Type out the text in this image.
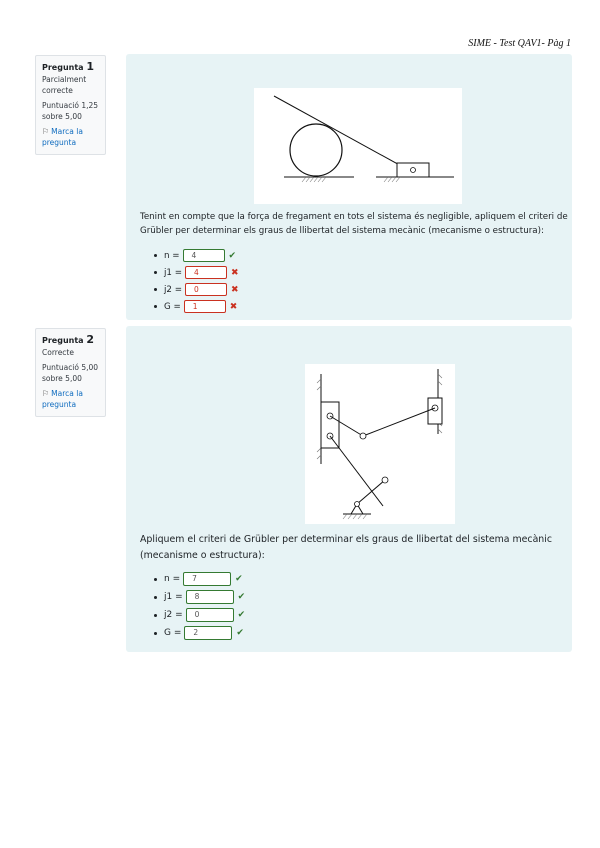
SIME - Test QAV1- Pàg 1
Pregunta 1
Parcialment correcte
Puntuació 1,25 sobre 5,00
⚐ Marca la pregunta
Tenint en compte que la força de fregament en tots el sistema és negligible, apliquem el criteri de Grübler per determinar els graus de llibertat del sistema mecànic (mecanisme o estructura):
n =	4	✔
j1 =	4	✖
j2 =	0	✖
G =	1	✖
Pregunta 2
Correcte
Puntuació 5,00 sobre 5,00
⚐ Marca la pregunta
Apliquem el criteri de Grübler per determinar els graus de llibertat del sistema mecànic (mecanisme o estructura):
n =	7	✔
j1 =	8	✔
j2 =	0	✔
G =	2	✔
